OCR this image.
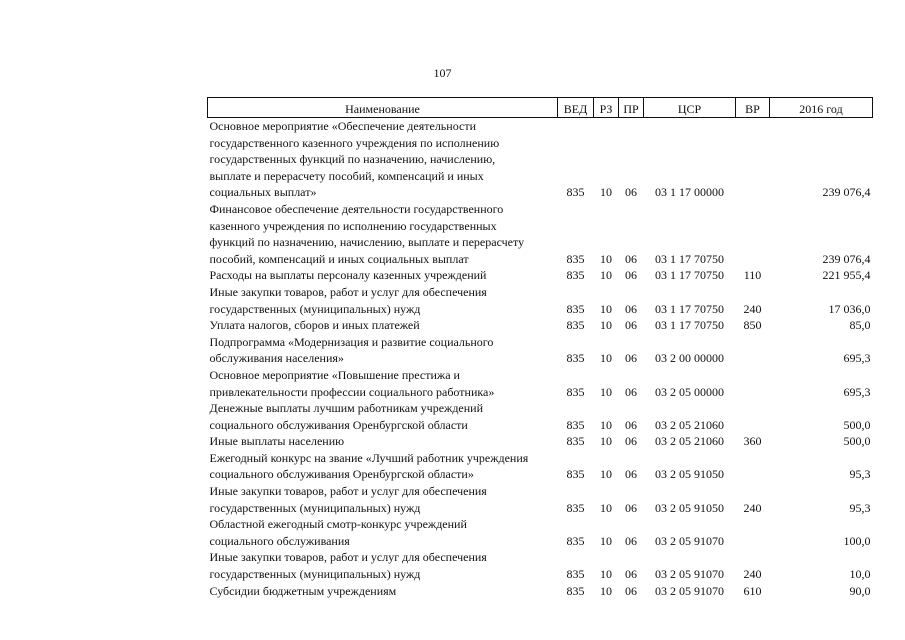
107
Наименование	ВЕД	РЗ	ПР	ЦСР	ВР	2016 год

Основное мероприятие «Обеспечение деятельности
государственного казенного учреждения по исполнению
государственных функций по назначению, начислению,
выплате и перерасчету пособий, компенсаций и иных
социальных выплат»	835	10	06	03 1 17 00000		239 076,4

Финансовое обеспечение деятельности государственного
казенного учреждения по исполнению государственных
функций по назначению, начислению, выплате и перерасчету
пособий, компенсаций и иных социальных выплат	835	10	06	03 1 17 70750		239 076,4

Расходы на выплаты персоналу казенных учреждений	835	10	06	03 1 17 70750	110	221 955,4

Иные закупки товаров, работ и услуг для обеспечения
государственных (муниципальных) нужд	835	10	06	03 1 17 70750	240	17 036,0

Уплата налогов, сборов и иных платежей	835	10	06	03 1 17 70750	850	85,0

Подпрограмма «Модернизация и развитие социального
обслуживания населения»	835	10	06	03 2 00 00000		695,3

Основное мероприятие «Повышение престижа и
привлекательности профессии социального работника»	835	10	06	03 2 05 00000		695,3

Денежные выплаты лучшим работникам учреждений
социального обслуживания Оренбургской области	835	10	06	03 2 05 21060		500,0

Иные выплаты населению	835	10	06	03 2 05 21060	360	500,0

Ежегодный конкурс на звание «Лучший работник учреждения
социального обслуживания Оренбургской области»	835	10	06	03 2 05 91050		95,3

Иные закупки товаров, работ и услуг для обеспечения
государственных (муниципальных) нужд	835	10	06	03 2 05 91050	240	95,3

Областной ежегодный смотр-конкурс учреждений
социального обслуживания	835	10	06	03 2 05 91070		100,0

Иные закупки товаров, работ и услуг для обеспечения
государственных (муниципальных) нужд	835	10	06	03 2 05 91070	240	10,0

Субсидии бюджетным учреждениям	835	10	06	03 2 05 91070	610	90,0
